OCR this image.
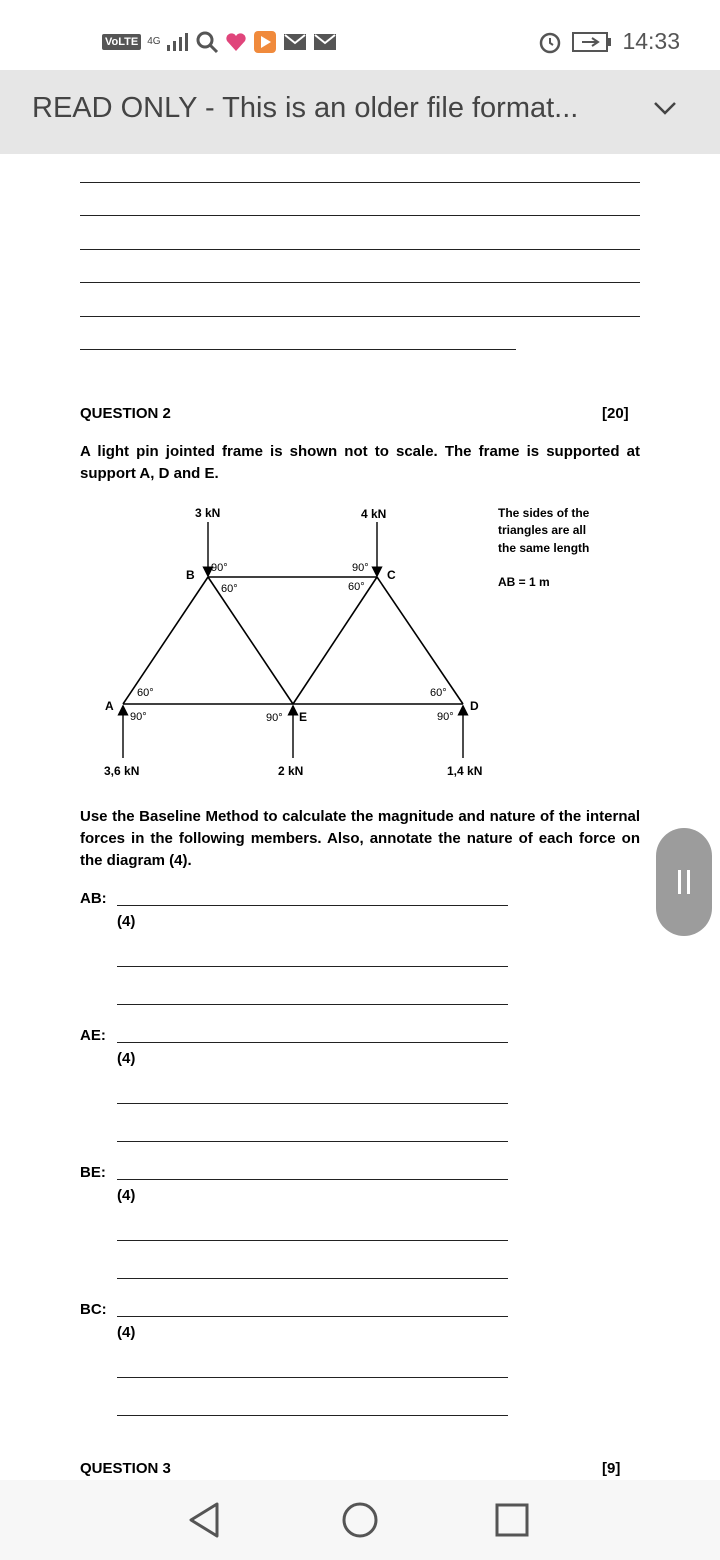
VoLTE 4G	14:33
READ ONLY - This is an older file format...
QUESTION 2	[20]
A light pin jointed frame is shown not to scale. The frame is supported at support A, D and E.
3 kN	4 kN
B	C
A	D
E
3,6 kN	2 kN	1,4 kN
90°
60°
90°
60°
60°
90°	90°
60°
90°
The sides of the
triangles are all
the same length
AB = 1 m
Use the Baseline Method to calculate the magnitude and nature of the internal forces in the following members. Also, annotate the nature of each force on the diagram (4).
AB:
(4)
AE:
(4)
BE:
(4)
BC:
(4)
QUESTION 3	[9]
